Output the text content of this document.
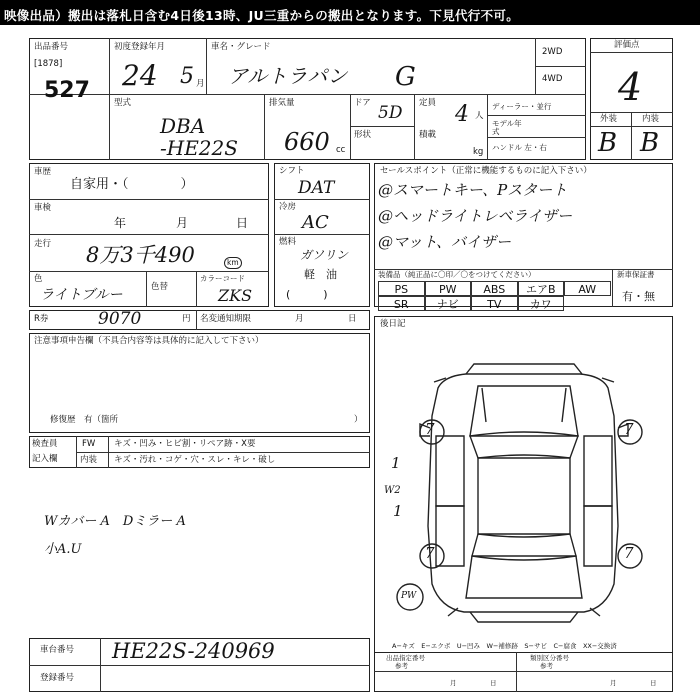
映像出品）搬出は落札日含む4日後13時、JU三重からの搬出となります。下見代行不可。
出品番号
[1878]
527
初度登録年月
24 5 月
車名・グレード
アルトラパン G
2WD
4WD
型式
DBA
-HE22S
排気量
660 cc
ドア 5D
形状
定員 4 人
積載
kg
ディーラー・並行
モデル年式
ハンドル 左・右
評価点
4
外装	内装
B B
車歴
自家用・（　　　　）
車検
年	月	日
走行 8万3千490	km
色
ライトブルー	色替
カラーコード
ZKS
シフト
DAT
冷房
AC
燃料
ガソリン
軽　油
(　　　)
セールスポイント（正常に機能するものに記入下さい）
@スマートキー、Pスタート
@ヘッドライトレベライザー
@マット、バイザー
装備品（純正品に〇印／〇をつけてください）	新車保証書
有・無
PS	PW	ABS	エアB	AW
SR	ナビ	TV	カワ
R券	9070	円 名変通知期限	月	日
注意事項申告欄（不具合内容等は具体的に記入して下さい）
修復歴　有（箇所	）
検査員
記入欄
FW キズ・凹み・ヒビ割・リペア跡・X要
内装 キズ・汚れ・コゲ・穴・スレ・キレ・破し
Wカバー A　Dミラー A
小A.U
車台番号 HE22S-240969
登録番号
後日記
7	7
7	7
1
W2
1
PW
A−キズ　E−エクボ　U−凹み　W−補修跡　S−サビ　C−腐食　XX−交換済
出品指定番号	類別区分番号
参考	参考
月	日	月	日
